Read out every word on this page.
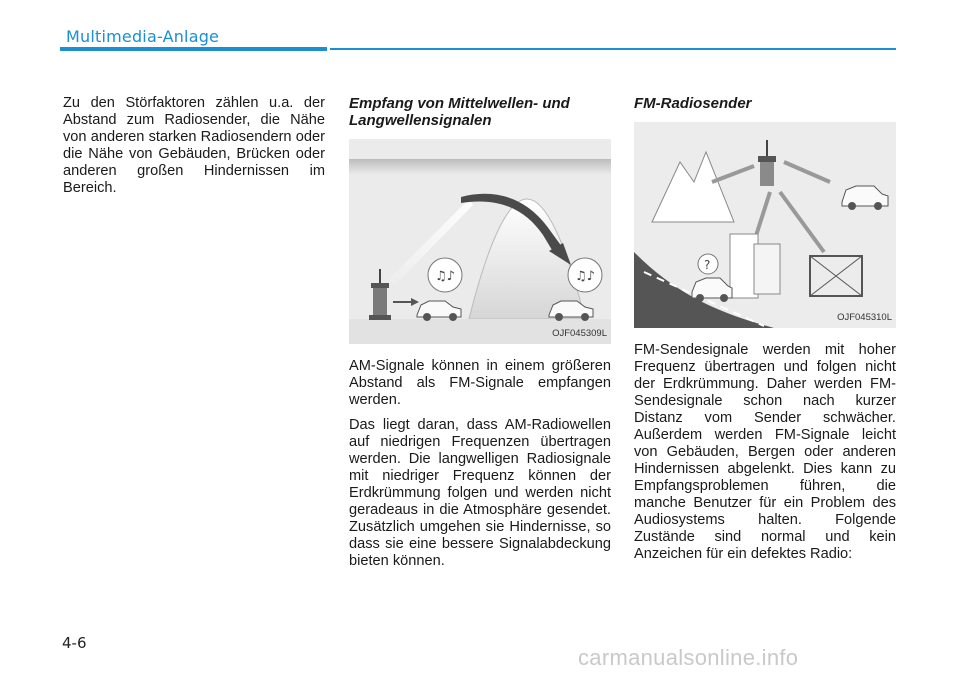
Multimedia-Anlage

Zu den Störfaktoren zählen u.a. der Abstand zum Radiosender, die Nähe von anderen starken Radiosendern oder die Nähe von Gebäuden, Brücken oder anderen großen Hindernissen im Bereich.

Empfang von Mittelwellen- und Langwellensignalen
♫♪	♫♪
OJF045309L

AM-Signale können in einem größeren Abstand als FM-Signale empfangen werden.

Das liegt daran, dass AM-Radiowellen auf niedrigen Frequenzen übertragen werden. Die langwelligen Radiosignale mit niedriger Frequenz können der Erdkrümmung folgen und werden nicht geradeaus in die Atmosphäre gesendet. Zusätzlich umgehen sie Hindernisse, so dass sie eine bessere Signalabdeckung bieten können.

FM-Radiosender
?
OJF045310L

FM-Sendesignale werden mit hoher Frequenz übertragen und folgen nicht der Erdkrümmung. Daher werden FM-Sendesignale schon nach kurzer Distanz vom Sender schwächer. Außerdem werden FM-Signale leicht von Gebäuden, Bergen oder anderen Hindernissen abgelenkt. Dies kann zu Empfangsproblemen führen, die manche Benutzer für ein Problem des Audiosystems halten. Folgende Zustände sind normal und kein Anzeichen für ein defektes Radio:

4-6
carmanualsonline.info
